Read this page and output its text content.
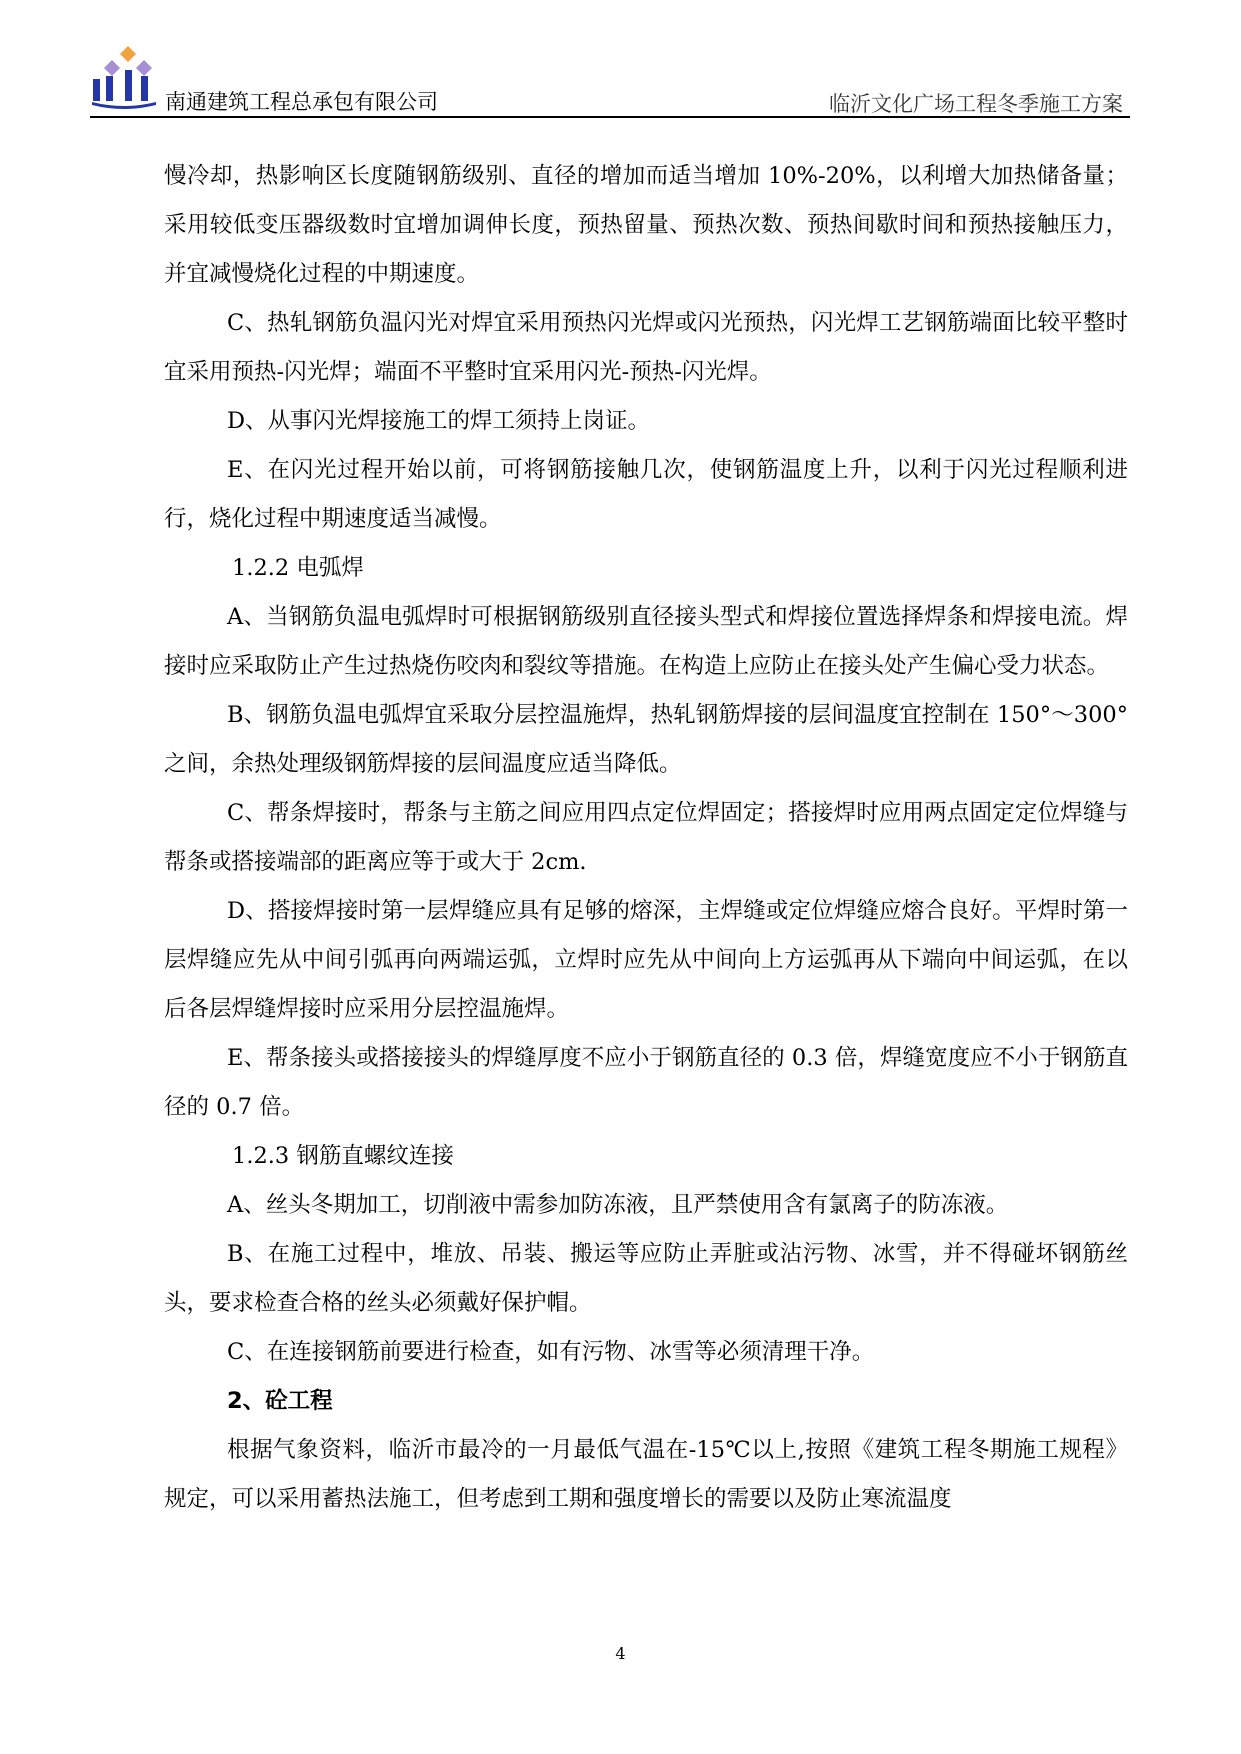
南通建筑工程总承包有限公司	临沂文化广场工程冬季施工方案

慢冷却，热影响区长度随钢筋级别、直径的增加而适当增加 10%-20%，以利增大加热储备量；采用较低变压器级数时宜增加调伸长度，预热留量、预热次数、预热间歇时间和预热接触压力，并宜减慢烧化过程的中期速度。

C、热轧钢筋负温闪光对焊宜采用预热闪光焊或闪光预热，闪光焊工艺钢筋端面比较平整时宜采用预热-闪光焊；端面不平整时宜采用闪光-预热-闪光焊。

D、从事闪光焊接施工的焊工须持上岗证。

E、在闪光过程开始以前，可将钢筋接触几次，使钢筋温度上升，以利于闪光过程顺利进行，烧化过程中期速度适当减慢。

1.2.2 电弧焊

A、当钢筋负温电弧焊时可根据钢筋级别直径接头型式和焊接位置选择焊条和焊接电流。焊接时应采取防止产生过热烧伤咬肉和裂纹等措施。在构造上应防止在接头处产生偏心受力状态。

B、钢筋负温电弧焊宜采取分层控温施焊，热轧钢筋焊接的层间温度宜控制在 150°～300°之间，余热处理级钢筋焊接的层间温度应适当降低。

C、帮条焊接时，帮条与主筋之间应用四点定位焊固定；搭接焊时应用两点固定定位焊缝与帮条或搭接端部的距离应等于或大于 2cm.

D、搭接焊接时第一层焊缝应具有足够的熔深，主焊缝或定位焊缝应熔合良好。平焊时第一层焊缝应先从中间引弧再向两端运弧，立焊时应先从中间向上方运弧再从下端向中间运弧，在以后各层焊缝焊接时应采用分层控温施焊。

E、帮条接头或搭接接头的焊缝厚度不应小于钢筋直径的 0.3 倍，焊缝宽度应不小于钢筋直径的 0.7 倍。

1.2.3 钢筋直螺纹连接

A、丝头冬期加工，切削液中需参加防冻液，且严禁使用含有氯离子的防冻液。

B、在施工过程中，堆放、吊装、搬运等应防止弄脏或沾污物、冰雪，并不得碰坏钢筋丝头，要求检查合格的丝头必须戴好保护帽。

C、在连接钢筋前要进行检查，如有污物、冰雪等必须清理干净。

2、砼工程

根据气象资料，临沂市最冷的一月最低气温在-15℃以上,按照《建筑工程冬期施工规程》规定，可以采用蓄热法施工，但考虑到工期和强度增长的需要以及防止寒流温度

4
